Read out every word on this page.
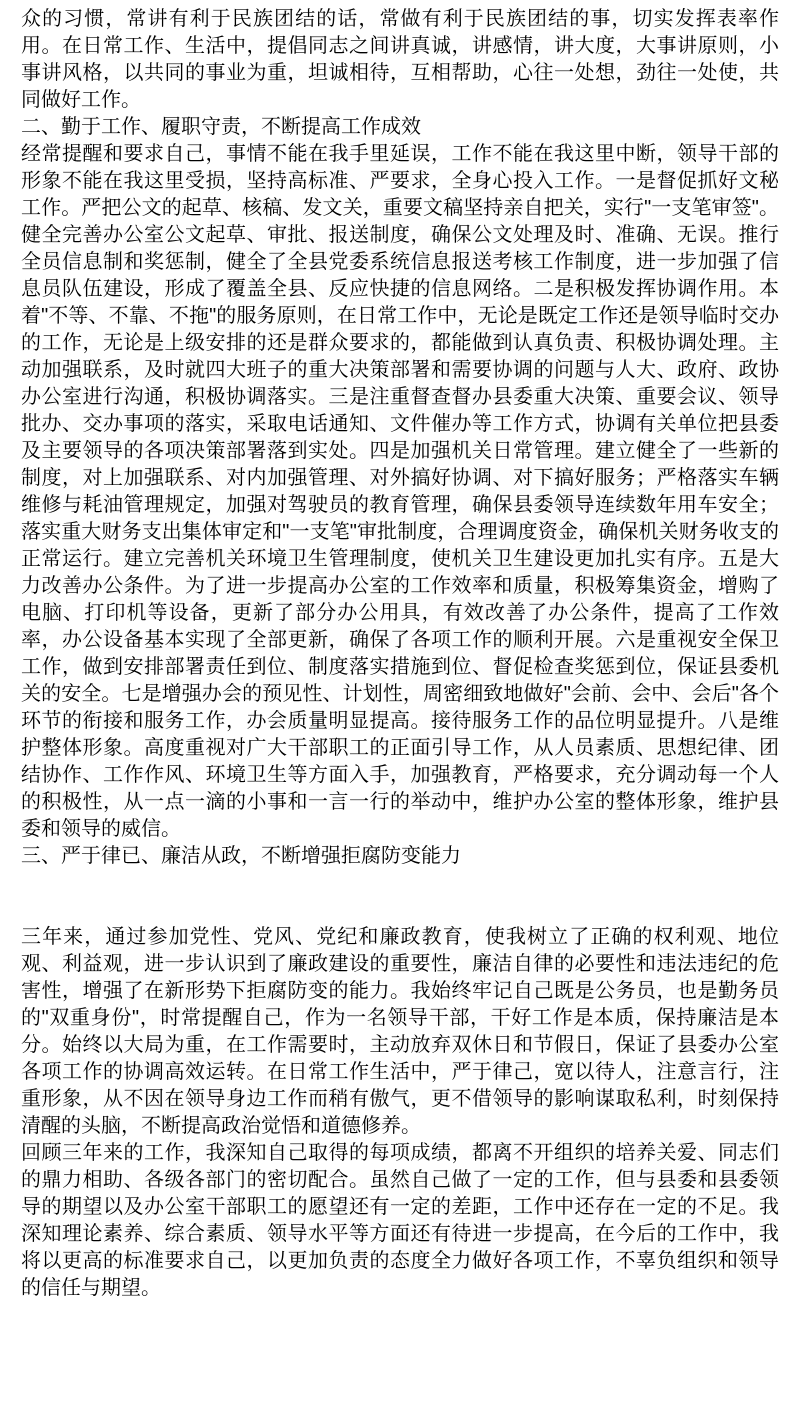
众的习惯，常讲有利于民族团结的话，常做有利于民族团结的事，切实发挥表率作用。在日常工作、生活中，提倡同志之间讲真诚，讲感情，讲大度，大事讲原则，小事讲风格，以共同的事业为重，坦诚相待，互相帮助，心往一处想，劲往一处使，共同做好工作。
二、勤于工作、履职守责，不断提高工作成效
经常提醒和要求自己，事情不能在我手里延误，工作不能在我这里中断，领导干部的形象不能在我这里受损，坚持高标准、严要求，全身心投入工作。一是督促抓好文秘工作。严把公文的起草、核稿、发文关，重要文稿坚持亲自把关，实行"一支笔审签"。健全完善办公室公文起草、审批、报送制度，确保公文处理及时、准确、无误。推行全员信息制和奖惩制，健全了全县党委系统信息报送考核工作制度，进一步加强了信息员队伍建设，形成了覆盖全县、反应快捷的信息网络。二是积极发挥协调作用。本着"不等、不靠、不拖"的服务原则，在日常工作中，无论是既定工作还是领导临时交办的工作，无论是上级安排的还是群众要求的，都能做到认真负责、积极协调处理。主动加强联系，及时就四大班子的重大决策部署和需要协调的问题与人大、政府、政协办公室进行沟通，积极协调落实。三是注重督查督办县委重大决策、重要会议、领导批办、交办事项的落实，采取电话通知、文件催办等工作方式，协调有关单位把县委及主要领导的各项决策部署落到实处。四是加强机关日常管理。建立健全了一些新的制度，对上加强联系、对内加强管理、对外搞好协调、对下搞好服务；严格落实车辆维修与耗油管理规定，加强对驾驶员的教育管理，确保县委领导连续数年用车安全；落实重大财务支出集体审定和"一支笔"审批制度，合理调度资金，确保机关财务收支的正常运行。建立完善机关环境卫生管理制度，使机关卫生建设更加扎实有序。五是大力改善办公条件。为了进一步提高办公室的工作效率和质量，积极筹集资金，增购了电脑、打印机等设备，更新了部分办公用具，有效改善了办公条件，提高了工作效率，办公设备基本实现了全部更新，确保了各项工作的顺利开展。六是重视安全保卫工作，做到安排部署责任到位、制度落实措施到位、督促检查奖惩到位，保证县委机关的安全。七是增强办会的预见性、计划性，周密细致地做好"会前、会中、会后"各个环节的衔接和服务工作，办会质量明显提高。接待服务工作的品位明显提升。八是维护整体形象。高度重视对广大干部职工的正面引导工作，从人员素质、思想纪律、团结协作、工作作风、环境卫生等方面入手，加强教育，严格要求，充分调动每一个人的积极性，从一点一滴的小事和一言一行的举动中，维护办公室的整体形象，维护县委和领导的威信。
三、严于律已、廉洁从政，不断增强拒腐防变能力
三年来，通过参加党性、党风、党纪和廉政教育，使我树立了正确的权利观、地位观、利益观，进一步认识到了廉政建设的重要性，廉洁自律的必要性和违法违纪的危害性，增强了在新形势下拒腐防变的能力。我始终牢记自己既是公务员，也是勤务员的"双重身份"，时常提醒自己，作为一名领导干部，干好工作是本质，保持廉洁是本分。始终以大局为重，在工作需要时，主动放弃双休日和节假日，保证了县委办公室各项工作的协调高效运转。在日常工作生活中，严于律己，宽以待人，注意言行，注重形象，从不因在领导身边工作而稍有傲气，更不借领导的影响谋取私利，时刻保持清醒的头脑，不断提高政治觉悟和道德修养。
回顾三年来的工作，我深知自己取得的每项成绩，都离不开组织的培养关爱、同志们的鼎力相助、各级各部门的密切配合。虽然自己做了一定的工作，但与县委和县委领导的期望以及办公室干部职工的愿望还有一定的差距，工作中还存在一定的不足。我深知理论素养、综合素质、领导水平等方面还有待进一步提高，在今后的工作中，我将以更高的标准要求自己，以更加负责的态度全力做好各项工作，不辜负组织和领导的信任与期望。
